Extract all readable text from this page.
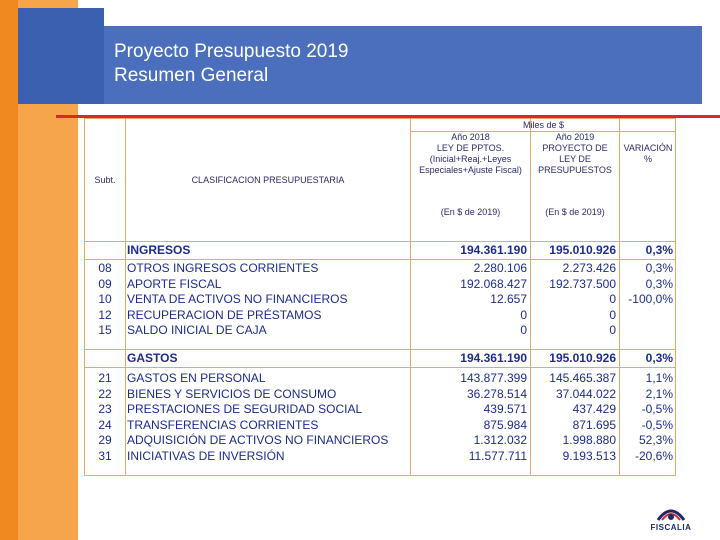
Proyecto Presupuesto 2019
Resumen General
Miles de $
Subt.	CLASIFICACION PRESUPUESTARIA
Año 2018
LEY DE PPTOS.
(Inicial+Reaj.+Leyes
Especiales+Ajuste Fiscal)
(En $ de 2019)
Año 2019
PROYECTO DE
LEY DE
PRESUPUESTOS
(En $ de 2019)
VARIACIÓN
%
INGRESOS	194.361.190	195.010.926	0,3%
08	OTROS INGRESOS CORRIENTES	2.280.106	2.273.426	0,3%
09	APORTE FISCAL	192.068.427	192.737.500	0,3%
10	VENTA DE ACTIVOS NO FINANCIEROS	12.657	0	-100,0%
12	RECUPERACION DE PRÉSTAMOS	0	0
15	SALDO INICIAL DE CAJA	0	0
GASTOS	194.361.190	195.010.926	0,3%
21	GASTOS EN PERSONAL	143.877.399	145.465.387	1,1%
22	BIENES Y SERVICIOS DE CONSUMO	36.278.514	37.044.022	2,1%
23	PRESTACIONES DE SEGURIDAD SOCIAL	439.571	437.429	-0,5%
24	TRANSFERENCIAS CORRIENTES	875.984	871.695	-0,5%
29	ADQUISICIÓN DE ACTIVOS NO FINANCIEROS	1.312.032	1.998.880	52,3%
31	INICIATIVAS DE INVERSIÓN	11.577.711	9.193.513	-20,6%
FISCALIA
